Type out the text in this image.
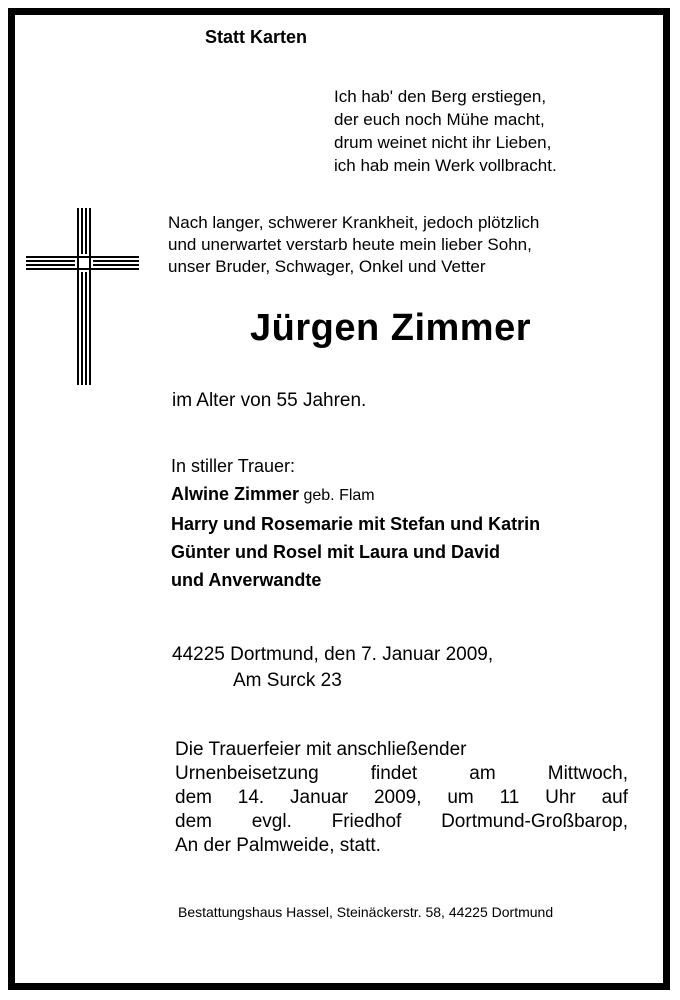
Statt Karten
Ich hab' den Berg erstiegen,
der euch noch Mühe macht,
drum weinet nicht ihr Lieben,
ich hab mein Werk vollbracht.
Nach langer, schwerer Krankheit, jedoch plötzlich
und unerwartet verstarb heute mein lieber Sohn,
unser Bruder, Schwager, Onkel und Vetter
Jürgen Zimmer
im Alter von 55 Jahren.
In stiller Trauer:
Alwine Zimmer geb. Flam
Harry und Rosemarie mit Stefan und Katrin
Günter und Rosel mit Laura und David
und Anverwandte
44225 Dortmund, den 7. Januar 2009,
Am Surck 23
Die Trauerfeier mit anschließender
Urnenbeisetzung findet am Mittwoch,
dem 14. Januar 2009, um 11 Uhr auf
dem evgl. Friedhof Dortmund-Großbarop,
An der Palmweide, statt.
Bestattungshaus Hassel, Steinäckerstr. 58, 44225 Dortmund
